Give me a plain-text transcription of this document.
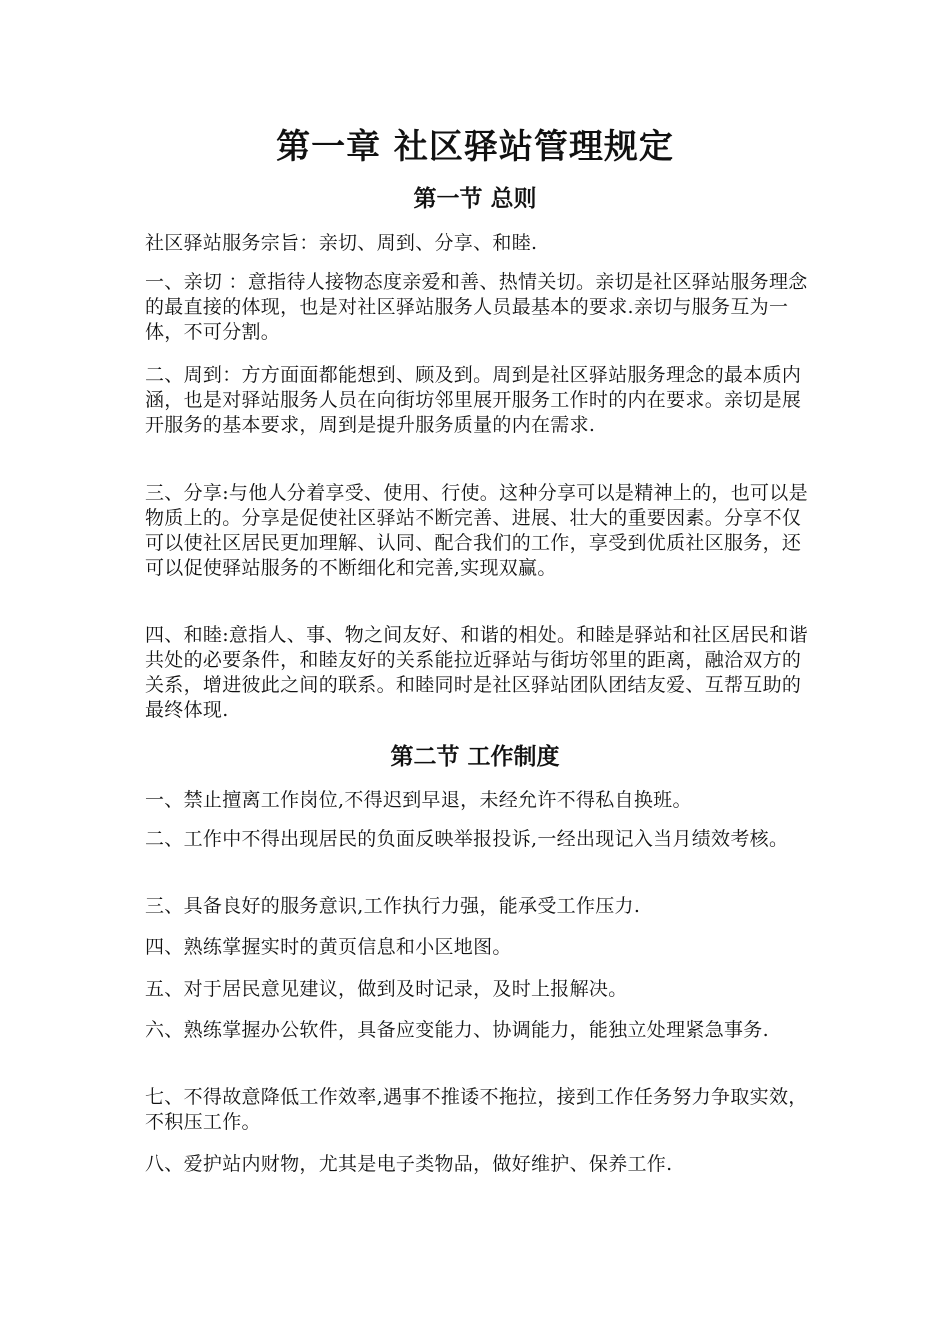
第一章 社区驿站管理规定
第一节 总则

社区驿站服务宗旨：亲切、周到、分享、和睦.

一、亲切 ：意指待人接物态度亲爱和善、热情关切。亲切是社区驿站服务理念的最直接的体现，也是对社区驿站服务人员最基本的要求.亲切与服务互为一体，不可分割。

二、周到：方方面面都能想到、顾及到。周到是社区驿站服务理念的最本质内涵，也是对驿站服务人员在向街坊邻里展开服务工作时的内在要求。亲切是展开服务的基本要求，周到是提升服务质量的内在需求.

三、分享:与他人分着享受、使用、行使。这种分享可以是精神上的，也可以是物质上的。分享是促使社区驿站不断完善、进展、壮大的重要因素。分享不仅可以使社区居民更加理解、认同、配合我们的工作，享受到优质社区服务，还可以促使驿站服务的不断细化和完善,实现双赢。

四、和睦:意指人、事、物之间友好、和谐的相处。和睦是驿站和社区居民和谐共处的必要条件，和睦友好的关系能拉近驿站与街坊邻里的距离，融洽双方的关系，增进彼此之间的联系。和睦同时是社区驿站团队团结友爱、互帮互助的最终体现.

第二节 工作制度

一、禁止擅离工作岗位,不得迟到早退，未经允许不得私自换班。

二、工作中不得出现居民的负面反映举报投诉,一经出现记入当月绩效考核。

三、具备良好的服务意识,工作执行力强，能承受工作压力.

四、熟练掌握实时的黄页信息和小区地图。

五、对于居民意见建议，做到及时记录，及时上报解决。

六、熟练掌握办公软件，具备应变能力、协调能力，能独立处理紧急事务.

七、不得故意降低工作效率,遇事不推诿不拖拉，接到工作任务努力争取实效，不积压工作。

八、爱护站内财物，尤其是电子类物品，做好维护、保养工作.
